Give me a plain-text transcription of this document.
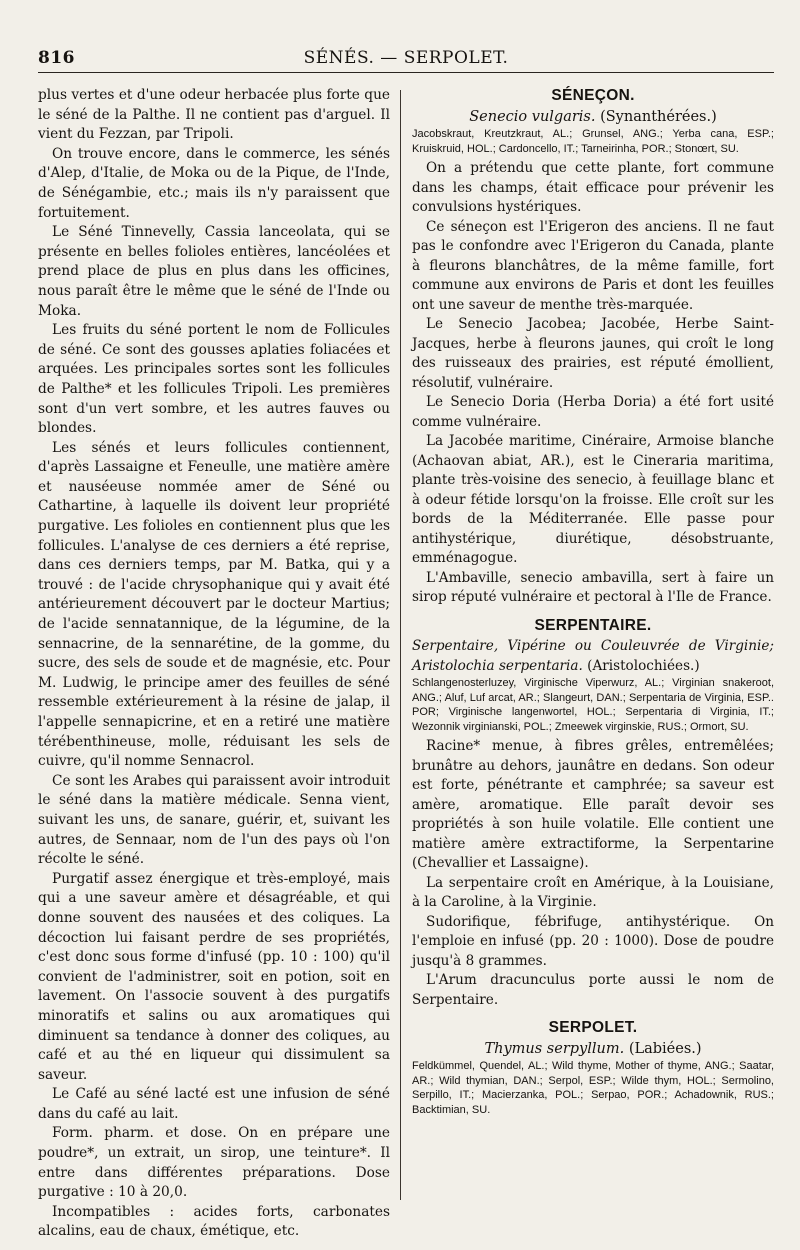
816	SÉNÉS. — SERPOLET.

plus vertes et d'une odeur herbacée plus forte que le séné de la Palthe. Il ne contient pas d'arguel. Il vient du Fezzan, par Tripoli.

On trouve encore, dans le commerce, les sénés d'Alep, d'Italie, de Moka ou de la Pique, de l'Inde, de Sénégambie, etc.; mais ils n'y paraissent que fortuitement.

Le Séné Tinnevelly, Cassia lanceolata, qui se présente en belles folioles entières, lancéolées et prend place de plus en plus dans les officines, nous paraît être le même que le séné de l'Inde ou Moka.

Les fruits du séné portent le nom de Follicules de séné. Ce sont des gousses aplaties foliacées et arquées. Les principales sortes sont les follicules de Palthe* et les follicules Tripoli. Les premières sont d'un vert sombre, et les autres fauves ou blondes.

Les sénés et leurs follicules contiennent, d'après Lassaigne et Feneulle, une matière amère et nauséeuse nommée amer de Séné ou Cathartine, à laquelle ils doivent leur propriété purgative. Les folioles en contiennent plus que les follicules. L'analyse de ces derniers a été reprise, dans ces derniers temps, par M. Batka, qui y a trouvé : de l'acide chrysophanique qui y avait été antérieurement découvert par le docteur Martius; de l'acide sennatannique, de la légumine, de la sennacrine, de la sennarétine, de la gomme, du sucre, des sels de soude et de magnésie, etc. Pour M. Ludwig, le principe amer des feuilles de séné ressemble extérieurement à la résine de jalap, il l'appelle sennapicrine, et en a retiré une matière térébenthineuse, molle, réduisant les sels de cuivre, qu'il nomme Sennacrol.

Ce sont les Arabes qui paraissent avoir introduit le séné dans la matière médicale. Senna vient, suivant les uns, de sanare, guérir, et, suivant les autres, de Sennaar, nom de l'un des pays où l'on récolte le séné.

Purgatif assez énergique et très-employé, mais qui a une saveur amère et désagréable, et qui donne souvent des nausées et des coliques. La décoction lui faisant perdre de ses propriétés, c'est donc sous forme d'infusé (pp. 10 : 100) qu'il convient de l'administrer, soit en potion, soit en lavement. On l'associe souvent à des purgatifs minoratifs et salins ou aux aromatiques qui diminuent sa tendance à donner des coliques, au café et au thé en liqueur qui dissimulent sa saveur.

Le Café au séné lacté est une infusion de séné dans du café au lait.

Form. pharm. et dose. On en prépare une poudre*, un extrait, un sirop, une teinture*. Il entre dans différentes préparations. Dose purgative : 10 à 20,0.

Incompatibles : acides forts, carbonates alcalins, eau de chaux, émétique, etc.

SÉNEÇON.

Senecio vulgaris. (Synanthérées.)

Jacobskraut, Kreutzkraut, AL.; Grunsel, ANG.; Yerba cana, ESP.; Kruiskruid, HOL.; Cardoncello, IT.; Tarneirinha, POR.; Stonœrt, SU.

On a prétendu que cette plante, fort commune dans les champs, était efficace pour prévenir les convulsions hystériques.

Ce séneçon est l'Erigeron des anciens. Il ne faut pas le confondre avec l'Erigeron du Canada, plante à fleurons blanchâtres, de la même famille, fort commune aux environs de Paris et dont les feuilles ont une saveur de menthe très-marquée.

Le Senecio Jacobea; Jacobée, Herbe Saint-Jacques, herbe à fleurons jaunes, qui croît le long des ruisseaux des prairies, est réputé émollient, résolutif, vulnéraire.

Le Senecio Doria (Herba Doria) a été fort usité comme vulnéraire.

La Jacobée maritime, Cinéraire, Armoise blanche (Achaovan abiat, AR.), est le Cineraria maritima, plante très-voisine des senecio, à feuillage blanc et à odeur fétide lorsqu'on la froisse. Elle croît sur les bords de la Méditerranée. Elle passe pour antihystérique, diurétique, désobstruante, emménagogue.

L'Ambaville, senecio ambavilla, sert à faire un sirop réputé vulnéraire et pectoral à l'Ile de France.

SERPENTAIRE.

Serpentaire, Vipérine ou Couleuvrée de Virginie; Aristolochia serpentaria. (Aristolochiées.)

Schlangenosterluzey, Virginische Viperwurz, AL.; Virginian snakeroot, ANG.; Aluf, Luf arcat, AR.; Slangeurt, DAN.; Serpentaria de Virginia, ESP.. POR; Virginische langenwortel, HOL.; Serpentaria di Virginia, IT.; Wezonnik virginianski, POL.; Zmeewek virginskie, RUS.; Ormort, SU.

Racine* menue, à fibres grêles, entremêlées; brunâtre au dehors, jaunâtre en dedans. Son odeur est forte, pénétrante et camphrée; sa saveur est amère, aromatique. Elle paraît devoir ses propriétés à son huile volatile. Elle contient une matière amère extractiforme, la Serpentarine (Chevallier et Lassaigne).

La serpentaire croît en Amérique, à la Louisiane, à la Caroline, à la Virginie.

Sudorifique, fébrifuge, antihystérique. On l'emploie en infusé (pp. 20 : 1000). Dose de poudre jusqu'à 8 grammes.

L'Arum dracunculus porte aussi le nom de Serpentaire.

SERPOLET.

Thymus serpyllum. (Labiées.)

Feldkümmel, Quendel, AL.; Wild thyme, Mother of thyme, ANG.; Saatar, AR.; Wild thymian, DAN.; Serpol, ESP.; Wilde thym, HOL.; Sermolino, Serpillo, IT.; Macierzanka, POL.; Serpao, POR.; Achadownik, RUS.; Backtimian, SU.
